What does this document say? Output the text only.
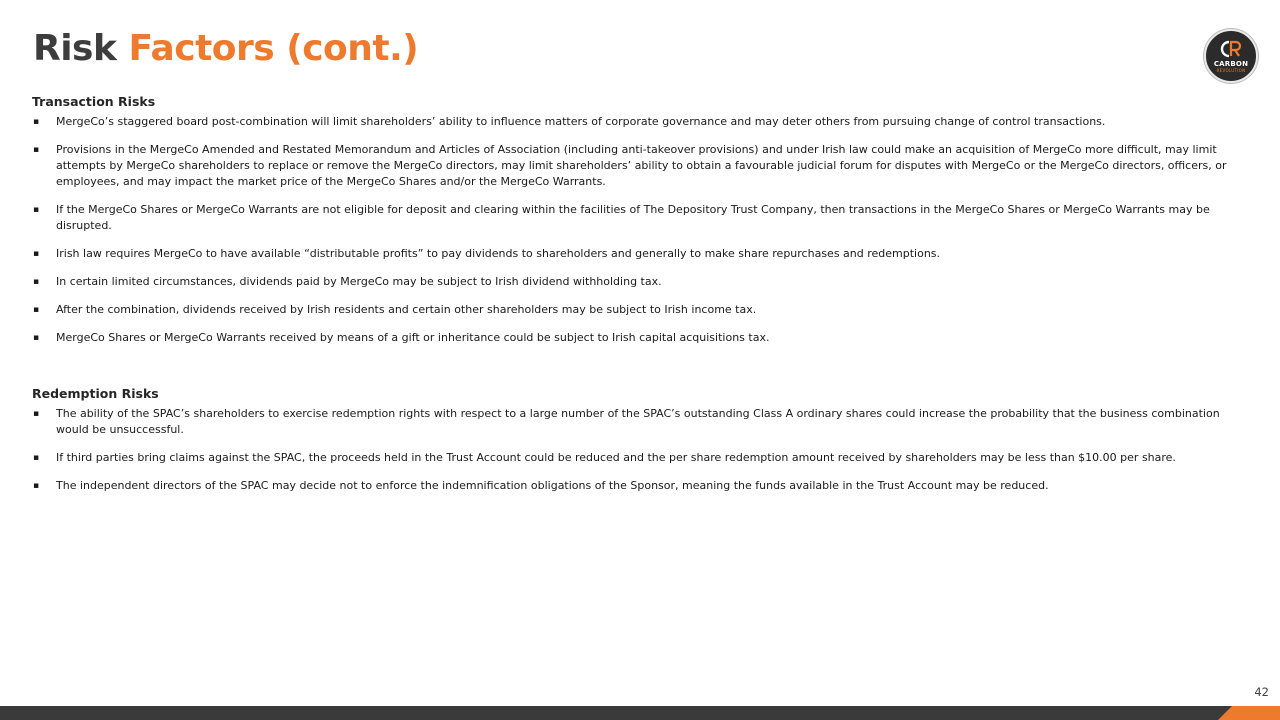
Risk Factors (cont.)	CARBON
REVOLUTION
Transaction Risks
▪ MergeCo’s staggered board post-combination will limit shareholders’ ability to influence matters of corporate governance and may deter others from pursuing change of control transactions.
▪ Provisions in the MergeCo Amended and Restated Memorandum and Articles of Association (including anti-takeover provisions) and under Irish law could make an acquisition of MergeCo more difficult, may limit attempts by MergeCo shareholders to replace or remove the MergeCo directors, may limit shareholders’ ability to obtain a favourable judicial forum for disputes with MergeCo or the MergeCo directors, officers, or employees, and may impact the market price of the MergeCo Shares and/or the MergeCo Warrants.
▪ If the MergeCo Shares or MergeCo Warrants are not eligible for deposit and clearing within the facilities of The Depository Trust Company, then transactions in the MergeCo Shares or MergeCo Warrants may be disrupted.
▪ Irish law requires MergeCo to have available “distributable profits” to pay dividends to shareholders and generally to make share repurchases and redemptions.
▪ In certain limited circumstances, dividends paid by MergeCo may be subject to Irish dividend withholding tax.
▪ After the combination, dividends received by Irish residents and certain other shareholders may be subject to Irish income tax.
▪ MergeCo Shares or MergeCo Warrants received by means of a gift or inheritance could be subject to Irish capital acquisitions tax.
Redemption Risks
▪ The ability of the SPAC’s shareholders to exercise redemption rights with respect to a large number of the SPAC’s outstanding Class A ordinary shares could increase the probability that the business combination would be unsuccessful.
▪ If third parties bring claims against the SPAC, the proceeds held in the Trust Account could be reduced and the per share redemption amount received by shareholders may be less than $10.00 per share.
▪ The independent directors of the SPAC may decide not to enforce the indemnification obligations of the Sponsor, meaning the funds available in the Trust Account may be reduced.
42
